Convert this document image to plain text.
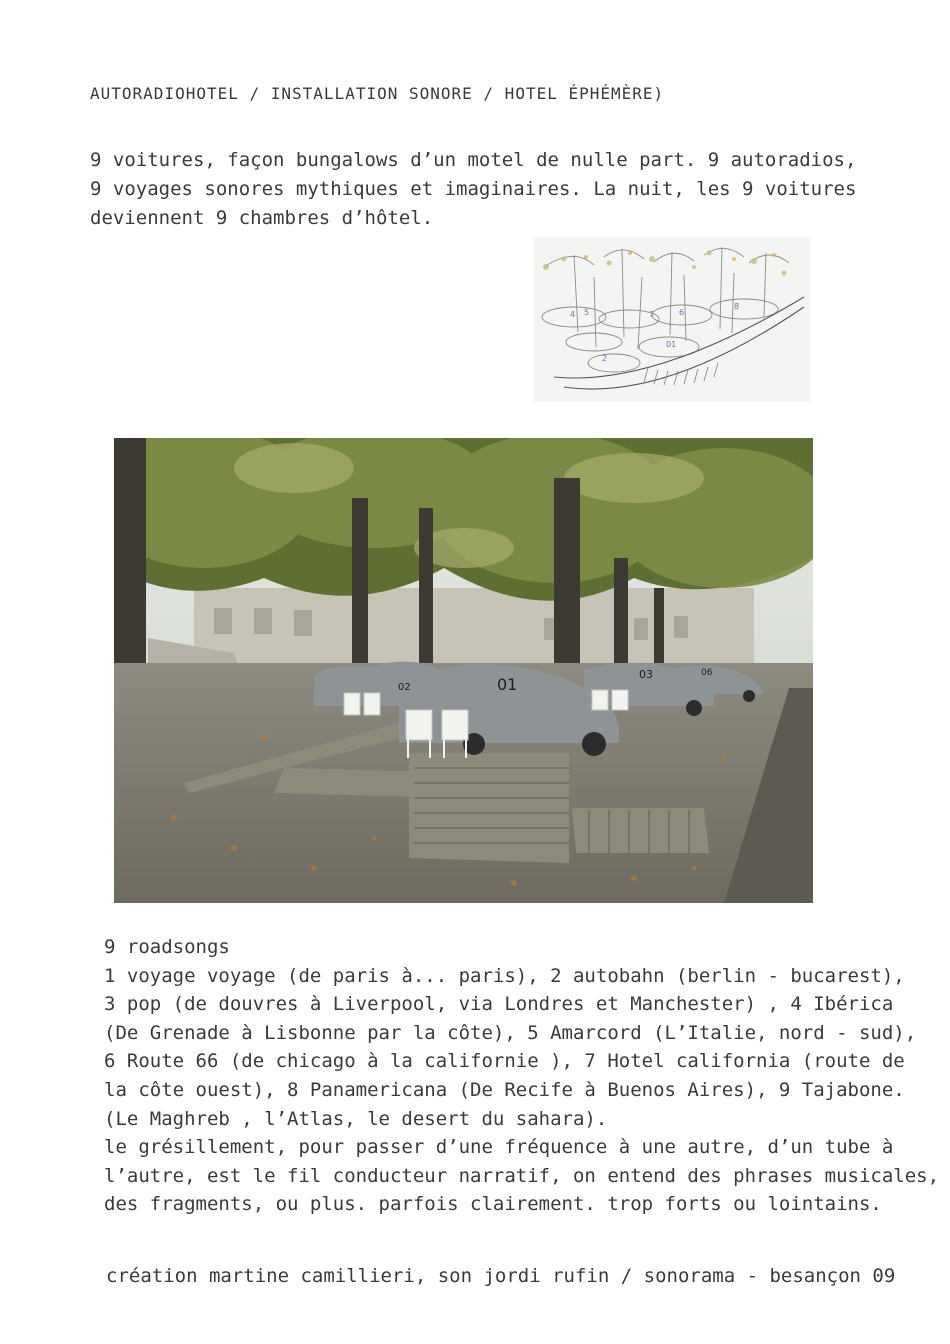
AUTORADIOHOTEL / INSTALLATION SONORE / HOTEL ÉPHÉMÈRE)

9 voitures, façon bungalows d’un motel de nulle part. 9 autoradios,
9 voyages sonores mythiques et imaginaires. La nuit, les 9 voitures
deviennent 9 chambres d’hôtel.

4 5
8
6
7
2
01
02	01
03	06

9 roadsongs
1 voyage voyage (de paris à... paris), 2 autobahn (berlin - bucarest),
3 pop (de douvres à Liverpool, via Londres et Manchester) , 4 Ibérica
(De Grenade à Lisbonne par la côte), 5 Amarcord (L’Italie, nord - sud),
6 Route 66 (de chicago à la californie ), 7 Hotel california (route de
la côte ouest), 8 Panamericana (De Recife à Buenos Aires), 9 Tajabone.
(Le Maghreb , l’Atlas, le desert du sahara).
le grésillement, pour passer d’une fréquence à une autre, d’un tube à
l’autre, est le fil conducteur narratif, on entend des phrases musicales,
des fragments, ou plus. parfois clairement. trop forts ou lointains.

création martine camillieri, son jordi rufin / sonorama - besançon 09
